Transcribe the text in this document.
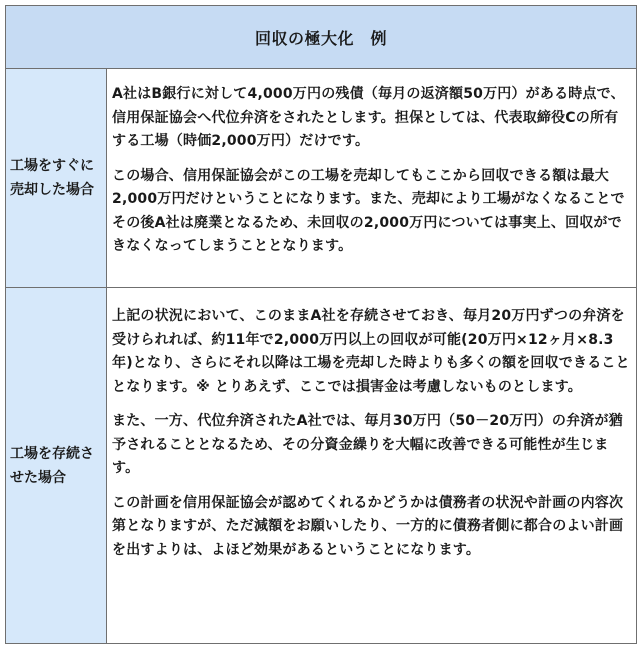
回収の極大化　例
工場をすぐに売却した場合

A社はB銀行に対して4,000万円の残債（毎月の返済額50万円）がある時点で、信用保証協会へ代位弁済をされたとします。担保としては、代表取締役Cの所有する工場（時価2,000万円）だけです。

この場合、信用保証協会がこの工場を売却してもここから回収できる額は最大2,000万円だけということになります。また、売却により工場がなくなることでその後A社は廃業となるため、未回収の2,000万円については事実上、回収ができなくなってしまうこととなります。

工場を存続させた場合

上記の状況において、このままA社を存続させておき、毎月20万円ずつの弁済を受けられれば、約11年で2,000万円以上の回収が可能(20万円×12ヶ月×8.3年)となり、さらにそれ以降は工場を売却した時よりも多くの額を回収できることとなります。※ とりあえず、ここでは損害金は考慮しないものとします。

また、一方、代位弁済されたA社では、毎月30万円（50－20万円）の弁済が猶予されることとなるため、その分資金繰りを大幅に改善できる可能性が生じます。

この計画を信用保証協会が認めてくれるかどうかは債務者の状況や計画の内容次第となりますが、ただ減額をお願いしたり、一方的に債務者側に都合のよい計画を出すよりは、よほど効果があるということになります。
